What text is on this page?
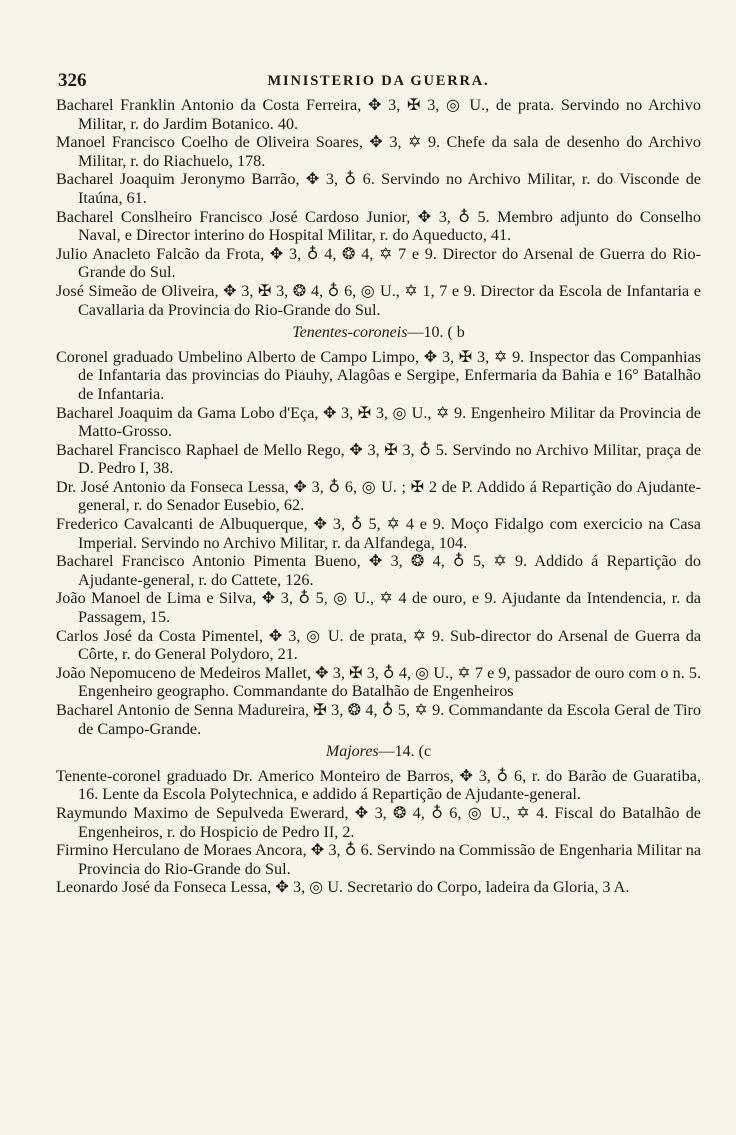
326	MINISTERIO DA GUERRA.

Bacharel Franklin Antonio da Costa Ferreira, ✥ 3, ✠ 3, ◎ U., de prata. Servindo no Archivo Militar, r. do Jardim Botanico. 40.

Manoel Francisco Coelho de Oliveira Soares, ✥ 3, ✡ 9. Chefe da sala de desenho do Archivo Militar, r. do Riachuelo, 178.

Bacharel Joaquim Jeronymo Barrão, ✥ 3, ♁ 6. Servindo no Archivo Militar, r. do Visconde de Itaúna, 61.

Bacharel Conslheiro Francisco José Cardoso Junior, ✥ 3, ♁ 5. Membro adjunto do Conselho Naval, e Director interino do Hospital Militar, r. do Aqueducto, 41.

Julio Anacleto Falcão da Frota, ✥ 3, ♁ 4, ❂ 4, ✡ 7 e 9. Director do Arsenal de Guerra do Rio-Grande do Sul.

José Simeão de Oliveira, ✥ 3, ✠ 3, ❂ 4, ♁ 6, ◎ U., ✡ 1, 7 e 9. Director da Escola de Infantaria e Cavallaria da Provincia do Rio-Grande do Sul.

Tenentes-coroneis—10. ( b

Coronel graduado Umbelino Alberto de Campo Limpo, ✥ 3, ✠ 3, ✡ 9. Inspector das Companhias de Infantaria das provincias do Piauhy, Alagôas e Sergipe, Enfermaria da Bahia e 16° Batalhão de Infantaria.

Bacharel Joaquim da Gama Lobo d'Eça, ✥ 3, ✠ 3, ◎ U., ✡ 9. Engenheiro Militar da Provincia de Matto-Grosso.

Bacharel Francisco Raphael de Mello Rego, ✥ 3, ✠ 3, ♁ 5. Servindo no Archivo Militar, praça de D. Pedro I, 38.

Dr. José Antonio da Fonseca Lessa, ✥ 3, ♁ 6, ◎ U. ; ✠ 2 de P. Addido á Repartição do Ajudante-general, r. do Senador Eusebio, 62.

Frederico Cavalcanti de Albuquerque, ✥ 3, ♁ 5, ✡ 4 e 9. Moço Fidalgo com exercicio na Casa Imperial. Servindo no Archivo Militar, r. da Alfandega, 104.

Bacharel Francisco Antonio Pimenta Bueno, ✥ 3, ❂ 4, ♁ 5, ✡ 9. Addido á Repartição do Ajudante-general, r. do Cattete, 126.

João Manoel de Lima e Silva, ✥ 3, ♁ 5, ◎ U., ✡ 4 de ouro, e 9. Ajudante da Intendencia, r. da Passagem, 15.

Carlos José da Costa Pimentel, ✥ 3, ◎ U. de prata, ✡ 9. Sub-director do Arsenal de Guerra da Côrte, r. do General Polydoro, 21.

João Nepomuceno de Medeiros Mallet, ✥ 3, ✠ 3, ♁ 4, ◎ U., ✡ 7 e 9, passador de ouro com o n. 5. Engenheiro geographo. Commandante do Batalhão de Engenheiros

Bacharel Antonio de Senna Madureira, ✠ 3, ❂ 4, ♁ 5, ✡ 9. Commandante da Escola Geral de Tiro de Campo-Grande.

Majores—14. (c

Tenente-coronel graduado Dr. Americo Monteiro de Barros, ✥ 3, ♁ 6, r. do Barão de Guaratiba, 16. Lente da Escola Polytechnica, e addido á Repartição de Ajudante-general.

Raymundo Maximo de Sepulveda Ewerard, ✥ 3, ❂ 4, ♁ 6, ◎ U., ✡ 4. Fiscal do Batalhão de Engenheiros, r. do Hospicio de Pedro II, 2.

Firmino Herculano de Moraes Ancora, ✥ 3, ♁ 6. Servindo na Commissão de Engenharia Militar na Provincia do Rio-Grande do Sul.

Leonardo José da Fonseca Lessa, ✥ 3, ◎ U. Secretario do Corpo, ladeira da Gloria, 3 A.
